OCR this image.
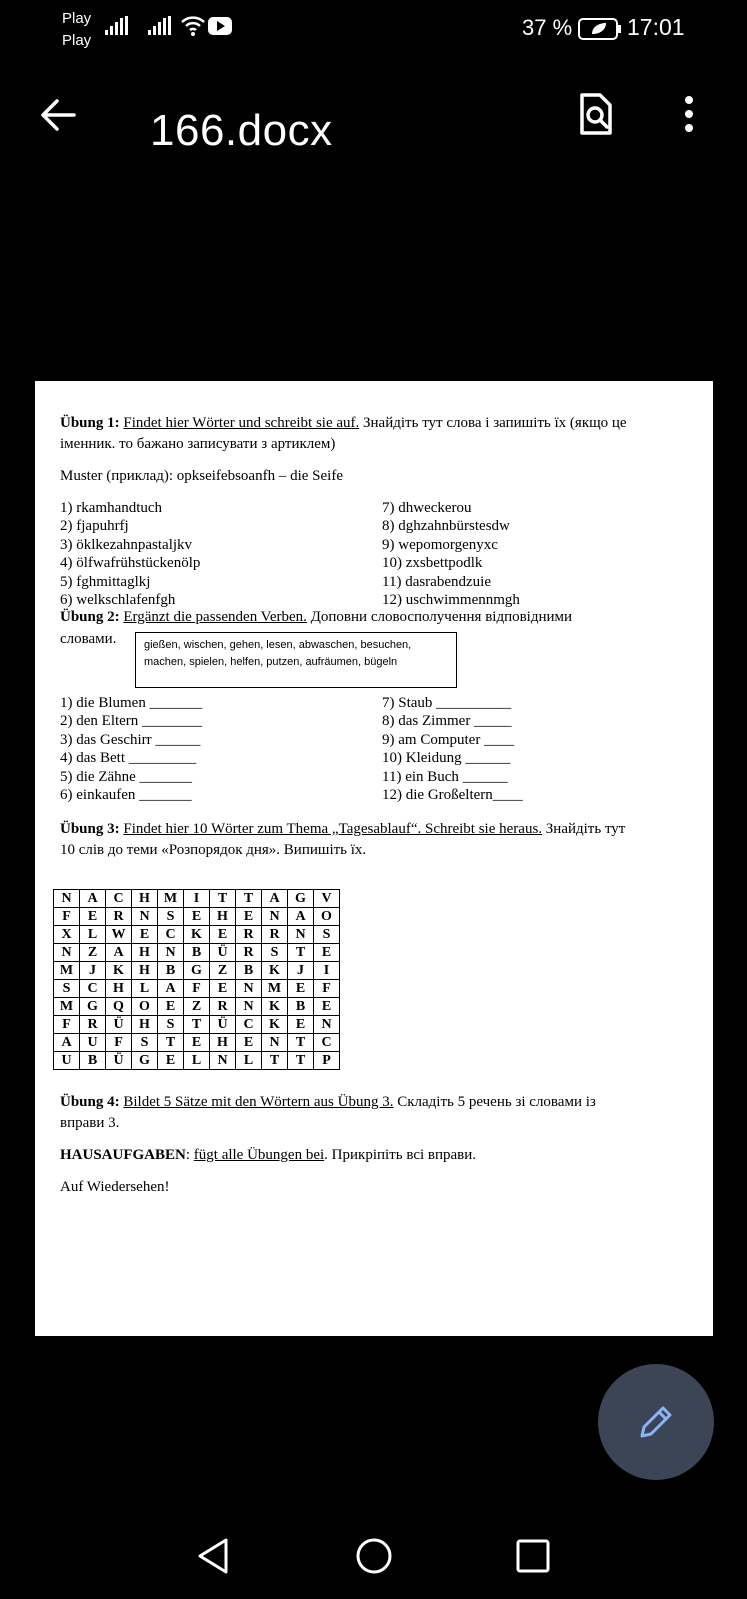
Play
Play
37 % 17:01
166.docx
Übung 1: Findet hier Wörter und schreibt sie auf. Знайдіть тут слова і запишіть їх (якщо це
іменник. то бажано записувати з артиклем)
Muster (приклад): opkseifebsoanfh – die Seife
1) rkamhandtuch
2) fjapuhrfj
3) öklkezahnpastaljkv
4) ölfwafrühstückenölp
5) fghmittaglkj
6) welkschlafenfgh
7) dhweckerou
8) dghzahnbürstesdw
9) wepomorgenyxc
10) zxsbettpodlk
11) dasrabendzuie
12) uschwimmennmgh
Übung 2: Ergänzt die passenden Verben. Доповни словосполучення відповідними
словами.	gießen, wischen, gehen, lesen, abwaschen, besuchen,
machen, spielen, helfen, putzen, aufräumen, bügeln
1) die Blumen _______
2) den Eltern ________
3) das Geschirr ______
4) das Bett _________
5) die Zähne _______
6) einkaufen _______
7) Staub __________
8) das Zimmer _____
9) am Computer ____
10) Kleidung ______
11) ein Buch ______
12) die Großeltern____
Übung 3: Findet hier 10 Wörter zum Thema „Tagesablauf“. Schreibt sie heraus. Знайдіть тут
10 слів до теми «Розпорядок дня». Випишіть їх.
N	A	C	H	M	I	T	T	A	G	V
F	E	R	N	S	E	H	E	N	A	O
X	L	W	E	C	K	E	R	R	N	S
N	Z	A	H	N	B	Ü	R	S	T	E
M	J	K	H	B	G	Z	B	K	J	I
S	C	H	L	A	F	E	N	M	E	F
M	G	Q	O	E	Z	R	N	K	B	E
F	R	Ü	H	S	T	Ü	C	K	E	N
A	U	F	S	T	E	H	E	N	T	C
U	B	Ü	G	E	L	N	L	T	T	P
Übung 4: Bildet 5 Sätze mit den Wörtern aus Übung 3. Складіть 5 речень зі словами із
вправи 3.
HAUSAUFGABEN: fügt alle Übungen bei. Прикріпіть всі вправи.
Auf Wiedersehen!
